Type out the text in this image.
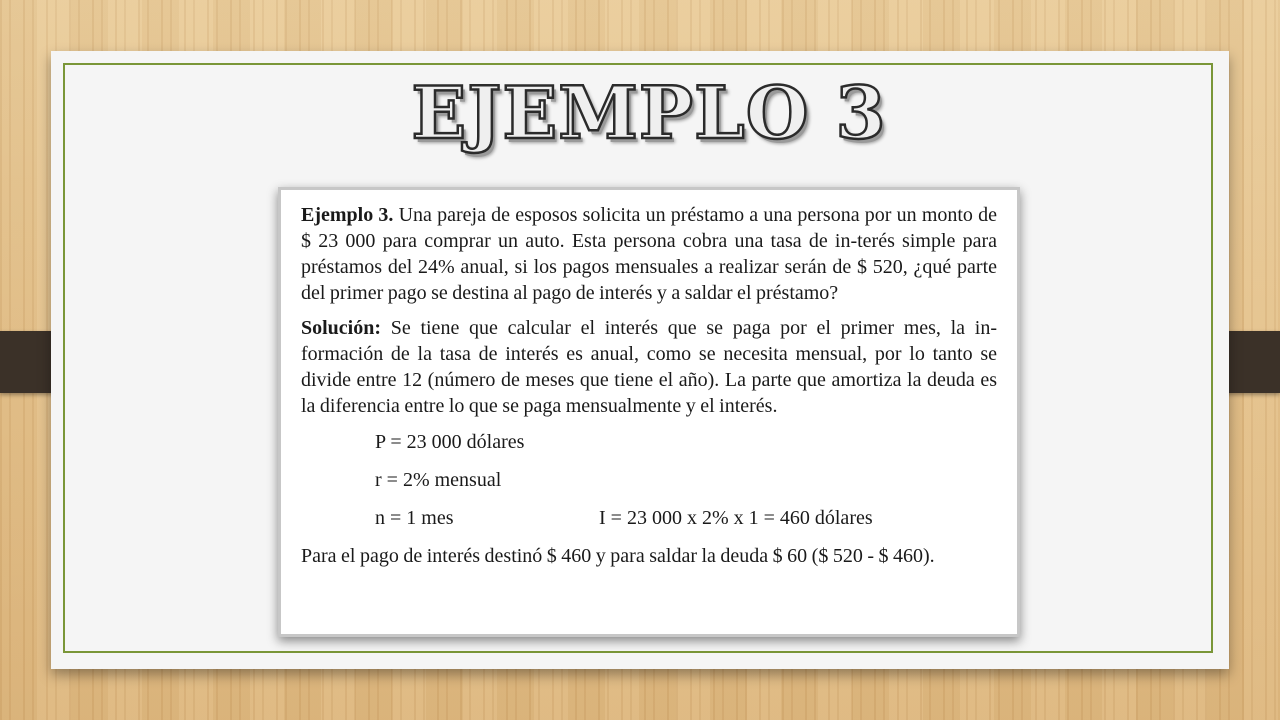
EJEMPLO 3

Ejemplo 3. Una pareja de esposos solicita un préstamo a una persona por un monto de $ 23 000 para comprar un auto. Esta persona cobra una tasa de in-terés simple para préstamos del 24% anual, si los pagos mensuales a realizar serán de $ 520, ¿qué parte del primer pago se destina al pago de interés y a saldar el préstamo?

Solución: Se tiene que calcular el interés que se paga por el primer mes, la in-formación de la tasa de interés es anual, como se necesita mensual, por lo tanto se divide entre 12 (número de meses que tiene el año). La parte que amortiza la deuda es la diferencia entre lo que se paga mensualmente y el interés.

P = 23 000 dólares
r = 2% mensual
n = 1 mes	I = 23 000 x 2% x 1 = 460 dólares

Para el pago de interés destinó $ 460 y para saldar la deuda $ 60 ($ 520 - $ 460).
